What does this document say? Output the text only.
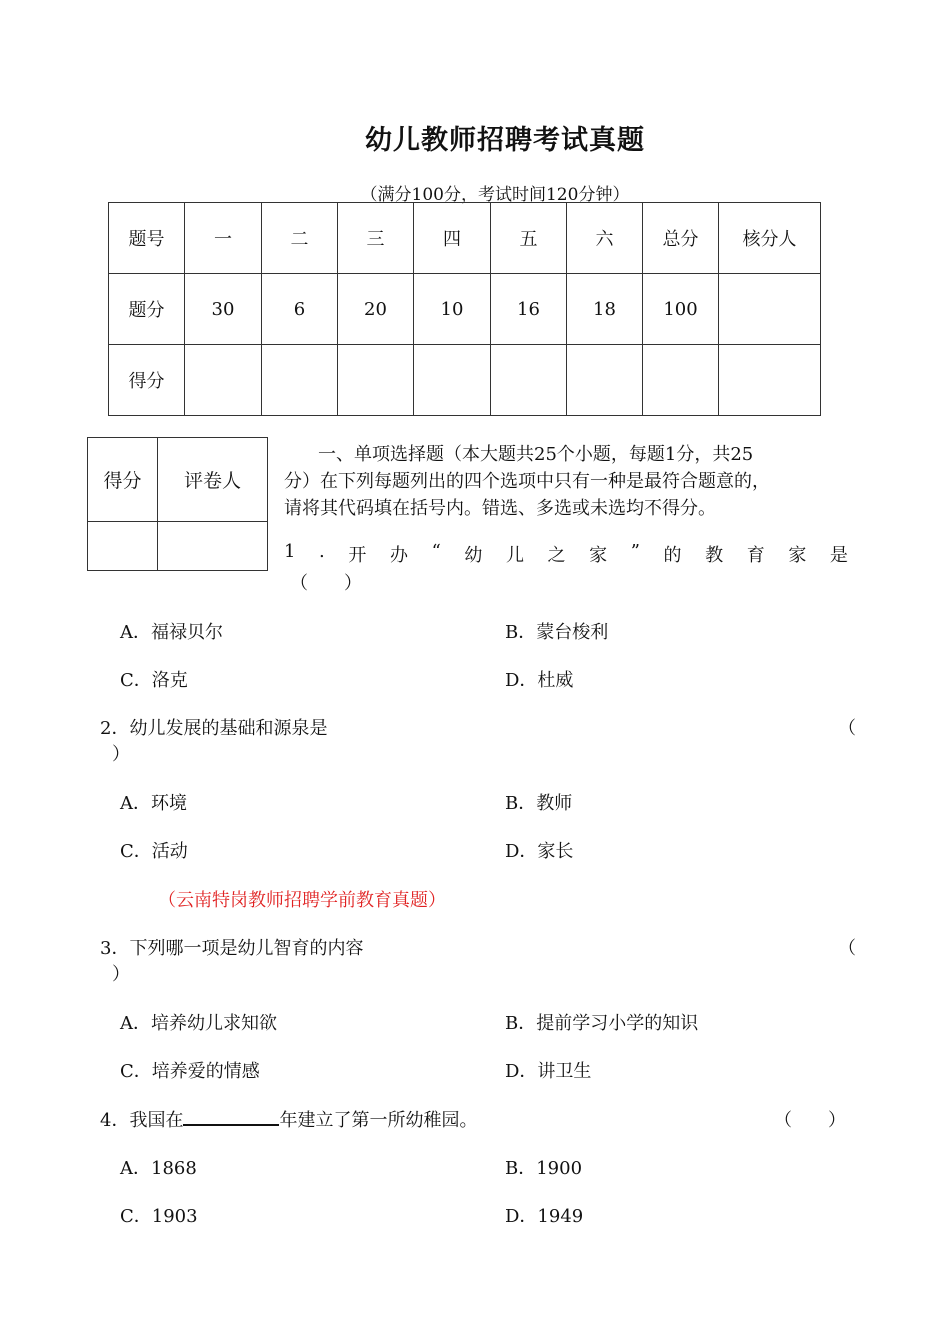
幼儿教师招聘考试真题
（满分100分，考试时间120分钟）
题号	一	二	三	四	五	六	总分	核分人
题分	30	6	20	10	16	18	100	
得分								
得分	评卷人

一、单项选择题（本大题共25个小题，每题1分，共25
分）在下列每题列出的四个选项中只有一种是最符合题意的，
请将其代码填在括号内。错选、多选或未选均不得分。
1 . 开 办 “ 幼 儿 之 家 ” 的 教 育 家 是
（　　）
A．福禄贝尔	B．蒙台梭利
C．洛克	D．杜威
2．幼儿发展的基础和源泉是	（
）
A．环境	B．教师
C．活动	D．家长
（云南特岗教师招聘学前教育真题）
3．下列哪一项是幼儿智育的内容	（
）
A．培养幼儿求知欲	B．提前学习小学的知识
C．培养爱的情感	D．讲卫生
4．我国在	年建立了第一所幼稚园。	（　　）
A．1868	B．1900
C．1903	D．1949
